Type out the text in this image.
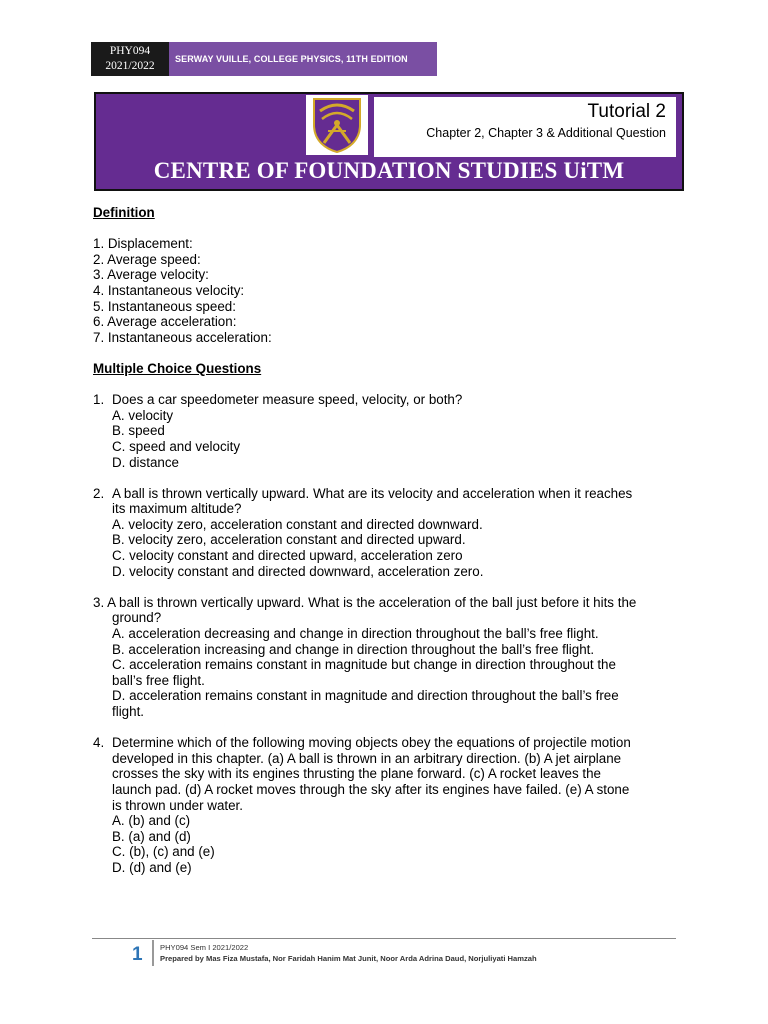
PHY094
2021/2022
SERWAY VUILLE, COLLEGE PHYSICS, 11TH EDITION
Tutorial 2
Chapter 2, Chapter 3 & Additional Question
CENTRE OF FOUNDATION STUDIES UiTM

Definition

1. Displacement:

2. Average speed:

3. Average velocity:

4. Instantaneous velocity:

5. Instantaneous speed:

6. Average acceleration:

7. Instantaneous acceleration:

Multiple Choice Questions

1. Does a car speedometer measure speed, velocity, or both?

A. velocity

B. speed

C. speed and velocity

D. distance

2. A ball is thrown vertically upward. What are its velocity and acceleration when it reaches

its maximum altitude?

A. velocity zero, acceleration constant and directed downward.

B. velocity zero, acceleration constant and directed upward.

C. velocity constant and directed upward, acceleration zero

D. velocity constant and directed downward, acceleration zero.

3. A ball is thrown vertically upward. What is the acceleration of the ball just before it hits the

ground?

A. acceleration decreasing and change in direction throughout the ball’s free flight.

B. acceleration increasing and change in direction throughout the ball’s free flight.

C. acceleration remains constant in magnitude but change in direction throughout the

ball’s free flight.

D. acceleration remains constant in magnitude and direction throughout the ball’s free

flight.

4. Determine which of the following moving objects obey the equations of projectile motion

developed in this chapter. (a) A ball is thrown in an arbitrary direction. (b) A jet airplane

crosses the sky with its engines thrusting the plane forward. (c) A rocket leaves the

launch pad. (d) A rocket moves through the sky after its engines have failed. (e) A stone

is thrown under water.

A. (b) and (c)

B. (a) and (d)

C. (b), (c) and (e)

D. (d) and (e)

1 PHY094 Sem I 2021/2022
Prepared by Mas Fiza Mustafa, Nor Faridah Hanim Mat Junit, Noor Arda Adrina Daud, Norjuliyati Hamzah
